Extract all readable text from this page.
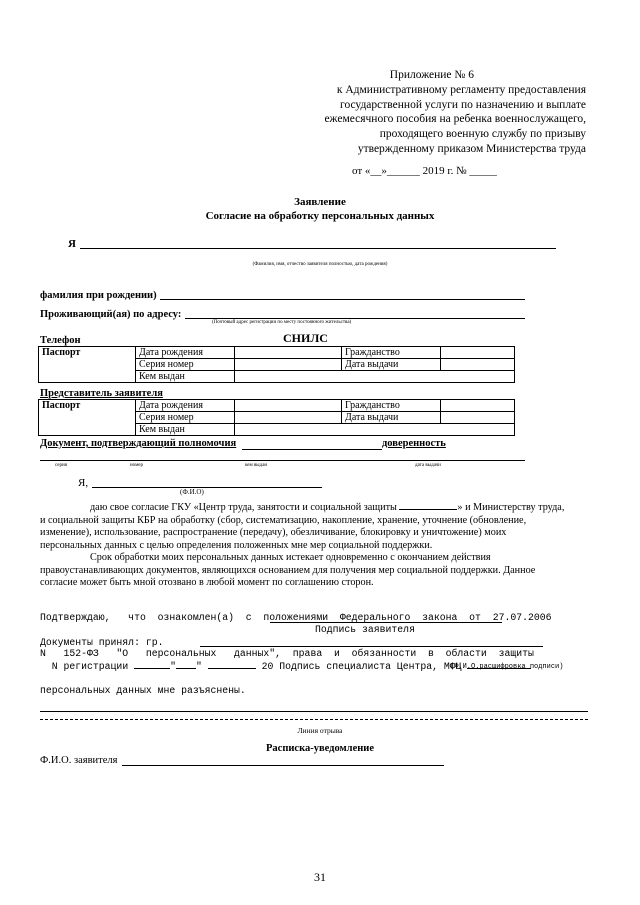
Приложение № 6
к Административному регламенту предоставления
государственной услуги по назначению и выплате
ежемесячного пособия на ребенка военнослужащего,
проходящего военную службу по призыву
утвержденному приказом Министерства труда
от «__»______ 2019 г. № _____
Заявление
Согласие на обработку персональных данных
Я
(Фамилия, имя, отчество заявителя полностью, дата рождения)
фамилия при рождении)
Проживающий(ая) по адресу:
(Почтовый адрес регистрации по месту постоянного жительства)
Телефон	СНИЛС
Паспорт	Дата рождения		Гражданство	
	Серия номер		Дата выдачи	
	Кем выдан			
Представитель заявителя
Паспорт	Дата рождения		Гражданство	
	Серия номер		Дата выдачи	
	Кем выдан			
Документ, подтверждающий полномочия	доверенность
серия	номер	кем выдан	дата выдачи
Я,
(Ф.И.О)
даю свое согласие ГКУ «Центр труда, занятости и социальной защиты	» и Министерству труда,
и социальной защиты КБР на обработку (сбор, систематизацию, накопление, хранение, уточнение (обновление,
изменение), использование, распространение (передачу), обезличивание, блокировку и уничтожение) моих
персональных данных с целью определения положенных мне мер социальной поддержки.
Срок обработки моих персональных данных истекает одновременно с окончанием действия
правоустанавливающих документов, являющихся основанием для получения мер социальной поддержки. Данное
согласие может быть мной отозвано в любой момент по соглашению сторон.

Подтверждаю,   что  ознакомлен(а)  с  положениями  Федерального  закона  от  27.07.2006

N   152-ФЗ   "О   персональных   данных",  права  и  обязанности  в  области  защиты

персональных данных мне разъяснены.

Подпись заявителя
Документы принял: гр.

N регистрации	" "	20 Подпись специалиста Центра, МФЦ

(Ф.И.О.расшифровка подписи)
Линия отрыва
Расписка-уведомление
Ф.И.О. заявителя
31
